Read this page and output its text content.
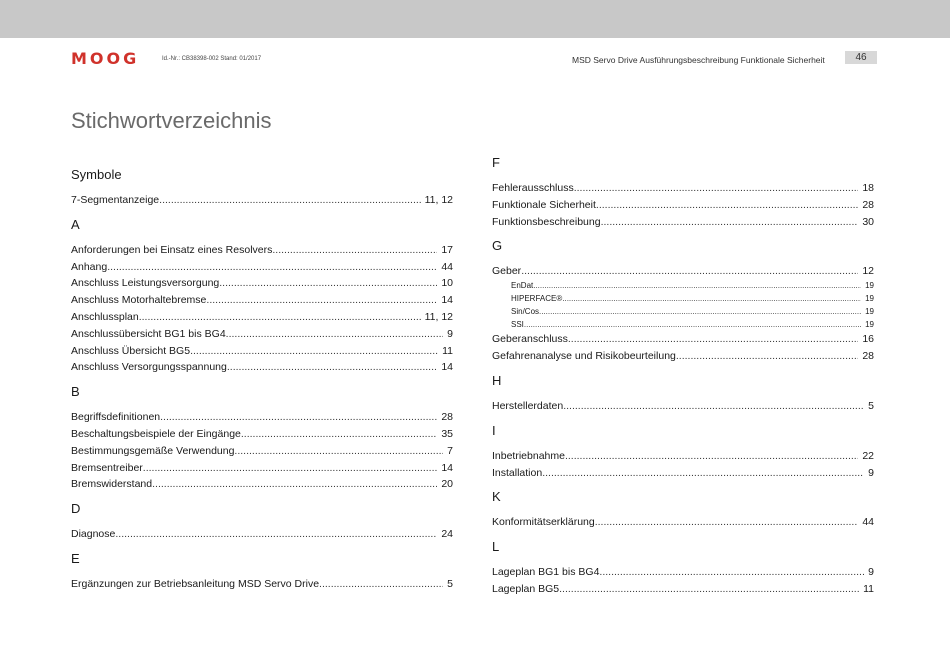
MOOG	Id.-Nr.: CB38398-002 Stand: 01/2017	MSD Servo Drive Ausführungsbeschreibung Funktionale Sicherheit	46
Stichwortverzeichnis
Symbole
7-Segmentanzeige .....	11, 12
A
Anforderungen bei Einsatz eines Resolvers .....	17
Anhang .....	44
Anschluss Leistungsversorgung .....	10
Anschluss Motorhaltebremse .....	14
Anschlussplan .....	11, 12
Anschlussübersicht BG1 bis BG4 .....	9
Anschluss Übersicht BG5 .....	11
Anschluss Versorgungsspannung .....	14
B
Begriffsdefinitionen .....	28
Beschaltungsbeispiele der Eingänge .....	35
Bestimmungsgemäße Verwendung .....	7
Bremsentreiber .....	14
Bremswiderstand .....	20
D
Diagnose .....	24
E
Ergänzungen zur Betriebsanleitung MSD Servo Drive .....	5
F
Fehlerausschluss .....	18
Funktionale Sicherheit .....	28
Funktionsbeschreibung .....	30
G
Geber .....	12
EnDat .....	19
HIPERFACE® .....	19
Sin/Cos .....	19
SSI .....	19
Geberanschluss .....	16
Gefahrenanalyse und Risikobeurteilung .....	28
H
Herstellerdaten .....	5
I
Inbetriebnahme .....	22
Installation .....	9
K
Konformitätserklärung .....	44
L
Lageplan BG1 bis BG4 .....	9
Lageplan BG5 .....	11
